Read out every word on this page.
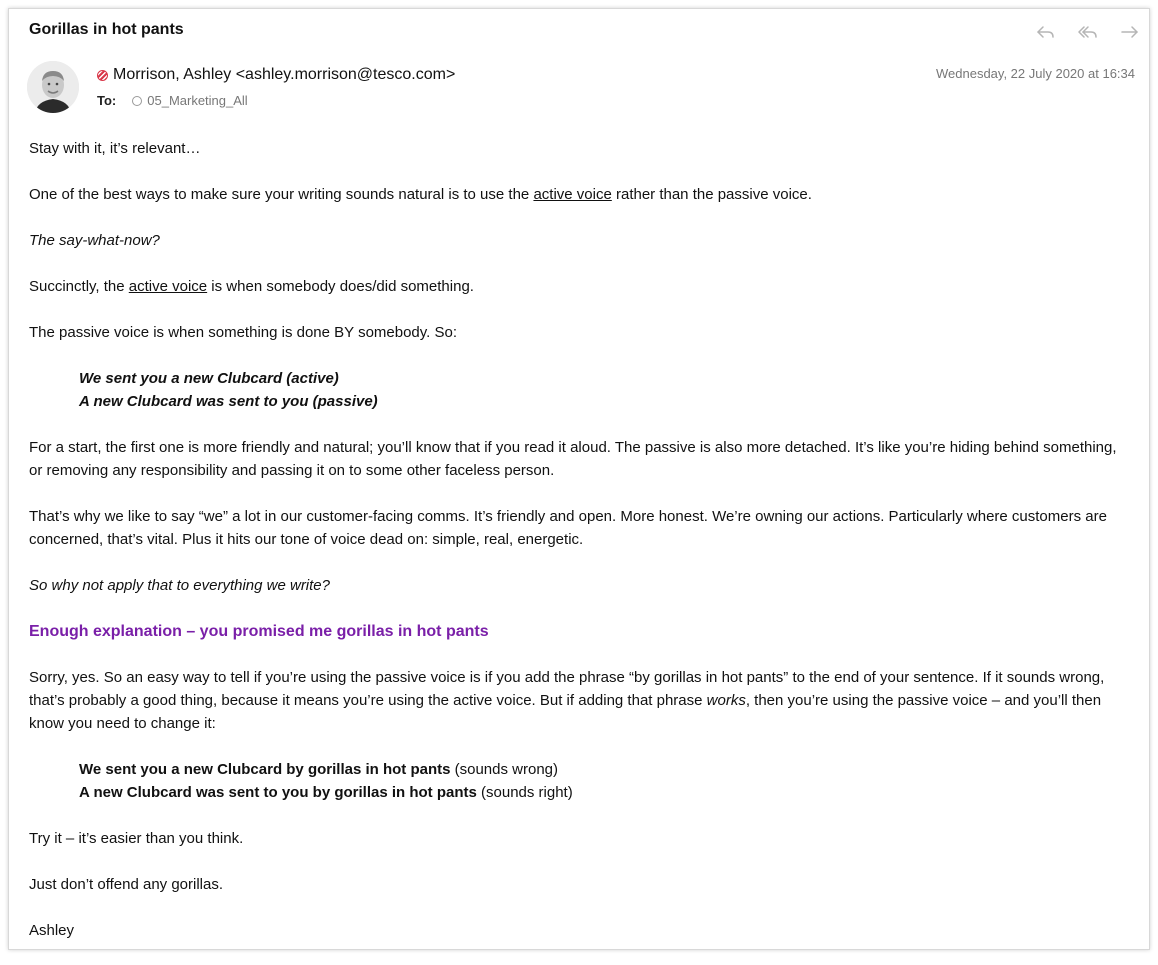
Gorillas in hot pants
Morrison, Ashley <ashley.morrison@tesco.com>
To: 05_Marketing_All
Wednesday, 22 July 2020 at 16:34

Stay with it, it’s relevant…

One of the best ways to make sure your writing sounds natural is to use the active voice rather than the passive voice.

The say-what-now?

Succinctly, the active voice is when somebody does/did something.

The passive voice is when something is done BY somebody. So:

We sent you a new Clubcard (active)
A new Clubcard was sent to you (passive)

For a start, the first one is more friendly and natural; you’ll know that if you read it aloud. The passive is also more detached. It’s like you’re hiding behind something, or removing any responsibility and passing it on to some other faceless person.

That’s why we like to say “we” a lot in our customer-facing comms. It’s friendly and open. More honest. We’re owning our actions. Particularly where customers are concerned, that’s vital. Plus it hits our tone of voice dead on: simple, real, energetic.

So why not apply that to everything we write?

Enough explanation – you promised me gorillas in hot pants

Sorry, yes. So an easy way to tell if you’re using the passive voice is if you add the phrase “by gorillas in hot pants” to the end of your sentence. If it sounds wrong, that’s probably a good thing, because it means you’re using the active voice. But if adding that phrase works, then you’re using the passive voice – and you’ll then know you need to change it:

We sent you a new Clubcard by gorillas in hot pants (sounds wrong)
A new Clubcard was sent to you by gorillas in hot pants (sounds right)

Try it – it’s easier than you think.

Just don’t offend any gorillas.

Ashley
